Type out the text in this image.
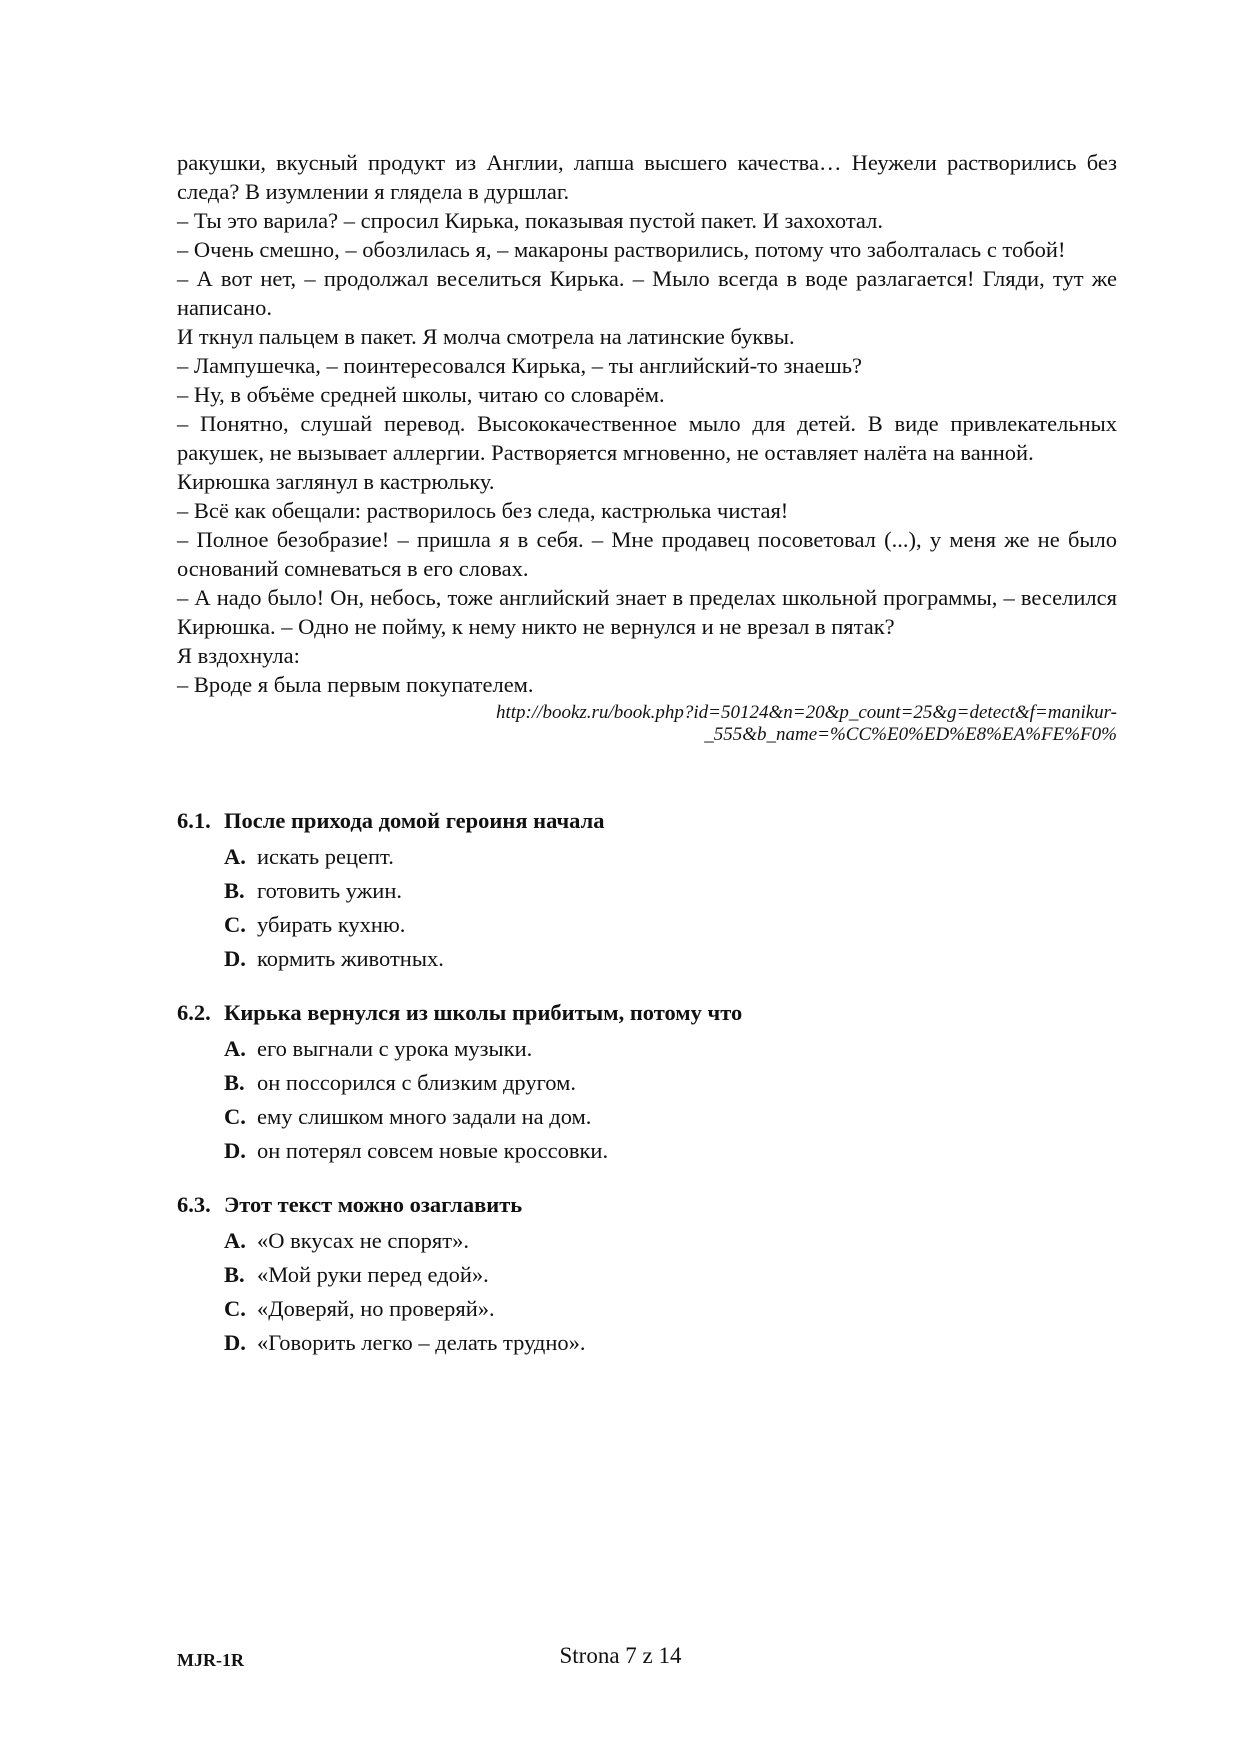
ракушки, вкусный продукт из Англии, лапша высшего качества… Неужели растворились без следа? В изумлении я глядела в дуршлаг.

– Ты это варила? – спросил Кирька, показывая пустой пакет. И захохотал.

– Очень смешно, – обозлилась я, – макароны растворились, потому что заболталась с тобой!

– А вот нет, – продолжал веселиться Кирька. – Мыло всегда в воде разлагается! Гляди, тут же написано.

И ткнул пальцем в пакет. Я молча смотрела на латинские буквы.

– Лампушечка, – поинтересовался Кирька, – ты английский-то знаешь?

– Ну, в объёме средней школы, читаю со словарём.

– Понятно, слушай перевод. Высококачественное мыло для детей. В виде привлекательных ракушек, не вызывает аллергии. Растворяется мгновенно, не оставляет налёта на ванной.

Кирюшка заглянул в кастрюльку.

– Всё как обещали: растворилось без следа, кастрюлька чистая!

– Полное безобразие! – пришла я в себя. – Мне продавец посоветовал (...), у меня же не было оснований сомневаться в его словах.

– А надо было! Он, небось, тоже английский знает в пределах школьной программы, – веселился Кирюшка. – Одно не пойму, к нему никто не вернулся и не врезал в пятак?

Я вздохнула:

– Вроде я была первым покупателем.

http://bookz.ru/book.php?id=50124&n=20&p_count=25&g=detect&f=manikur-
_555&b_name=%CC%E0%ED%E8%EA%FE%F0%

6.1. После прихода домой героиня начала

A. искать рецепт.

B. готовить ужин.

C. убирать кухню.

D. кормить животных.

6.2. Кирька вернулся из школы прибитым, потому что

A. его выгнали с урока музыки.

B. он поссорился с близким другом.

C. ему слишком много задали на дом.

D. он потерял совсем новые кроссовки.

6.3. Этот текст можно озаглавить

A. «О вкусах не спорят».

B. «Мой руки перед едой».

C. «Доверяй, но проверяй».

D. «Говорить легко – делать трудно».

MJR-1R	Strona 7 z 14
